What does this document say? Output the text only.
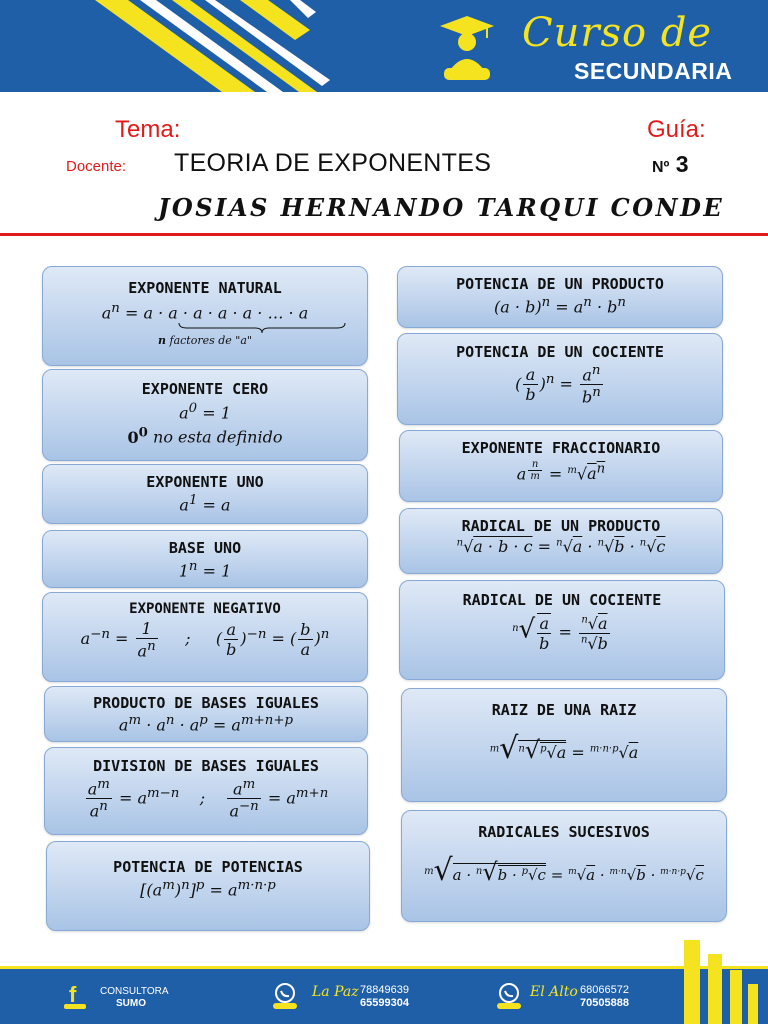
Curso de
SECUNDARIA
Tema:	Guía:
Docente: TEORIA DE EXPONENTES	Nº 3
JOSIAS HERNANDO TARQUI CONDE
EXPONENTE NATURAL
$a^n = a \cdot a \cdot a \cdot a \cdot a$ · … · a
n factores de "a"
EXPONENTE CERO
$a^0 = 1$
$0^0$ no esta definido
EXPONENTE UNO
$a^1 = a$
BASE UNO
$1^n = 1$
EXPONENTE NEGATIVO
$a^{-n} = \frac{1}{a^n}$ ;     ( $\frac{a}{b} )^{-n}$ = ( $\frac{b}{a} )^n$
PRODUCTO DE BASES IGUALES
$a^m \cdot a^n \cdot a^p = a^{m+n+p}$
DIVISION DE BASES IGUALES
$\frac{a^m}{a^n} = a^{m-n}$    ; $\frac{a^m}{a^{-n}} = a^{m+n}$
POTENCIA DE POTENCIAS
$[(a^m)^n]^p = a^{m\cdot n\cdot p}$
POTENCIA DE UN PRODUCTO
$(a \cdot b)^n = a^n \cdot b^n$
POTENCIA DE UN COCIENTE
( $\frac{a}{b} )^n = \frac{a^n}{b^n}$
EXPONENTE FRACCIONARIO
a $^{\frac{n}{m}} = ^m√a^n$
RADICAL DE UN PRODUCTO
$^n$√a · b · c = $^n$√a · $^n$√b · $^n$√c
RADICAL DE UN COCIENTE
$^n√ \frac{a}{b} = \frac{^n√a}{^n√b}$
RAIZ DE UNA RAIZ
$^m$√$^n$√$^p$√a = $^{m\cdot n\cdot p}$√a
RADICALES SUCESIVOS
$^m$√a · $^n$√b · $^p$√c = $^m$√a · $^{m\cdot n}$√b · $^{m\cdot n\cdot p}$√c
f CONSULTORA
SUMO
La Paz 78849639
65599304
El Alto 68066572
70505888
